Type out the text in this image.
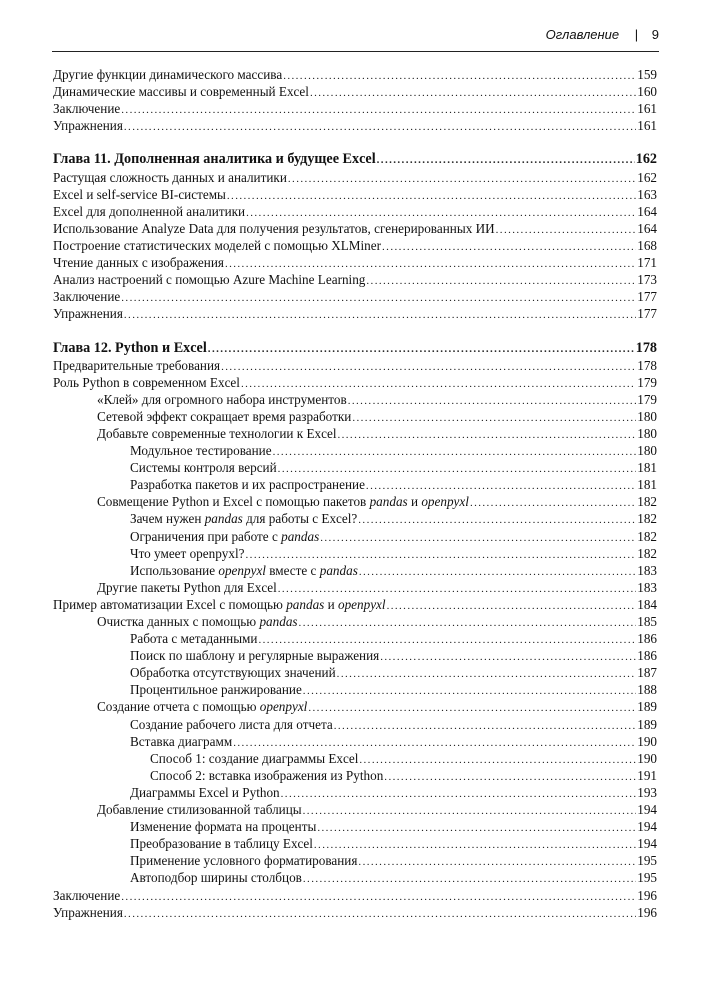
Оглавление | 9
Другие функции динамического массива .....	159
Динамические массивы и современный Excel .....	160
Заключение .....	161
Упражнения .....	161
Глава 11. Дополненная аналитика и будущее Excel .....	162
Растущая сложность данных и аналитики .....	162
Excel и self-service BI-системы .....	163
Excel для дополненной аналитики .....	164
Использование Analyze Data для получения результатов, сгенерированных ИИ .....	164
Построение статистических моделей с помощью XLMiner .....	168
Чтение данных с изображения .....	171
Анализ настроений с помощью Azure Machine Learning .....	173
Заключение .....	177
Упражнения .....	177
Глава 12. Python и Excel .....	178
Предварительные требования .....	178
Роль Python в современном Excel .....	179
«Клей» для огромного набора инструментов .....	179
Сетевой эффект сокращает время разработки .....	180
Добавьте современные технологии к Excel .....	180
Модульное тестирование .....	180
Системы контроля версий .....	181
Разработка пакетов и их распространение .....	181
Совмещение Python и Excel с помощью пакетов pandas и openpyxl .....	182
Зачем нужен pandas для работы с Excel? .....	182
Ограничения при работе с pandas .....	182
Что умеет openpyxl? .....	182
Использование openpyxl вместе с pandas .....	183
Другие пакеты Python для Excel .....	183
Пример автоматизации Excel с помощью pandas и openpyxl .....	184
Очистка данных с помощью pandas .....	185
Работа с метаданными .....	186
Поиск по шаблону и регулярные выражения .....	186
Обработка отсутствующих значений .....	187
Процентильное ранжирование .....	188
Создание отчета с помощью openpyxl .....	189
Создание рабочего листа для отчета .....	189
Вставка диаграмм .....	190
Способ 1: создание диаграммы Excel .....	190
Способ 2: вставка изображения из Python .....	191
Диаграммы Excel и Python .....	193
Добавление стилизованной таблицы .....	194
Изменение формата на проценты .....	194
Преобразование в таблицу Excel .....	194
Применение условного форматирования .....	195
Автоподбор ширины столбцов .....	195
Заключение .....	196
Упражнения .....	196
